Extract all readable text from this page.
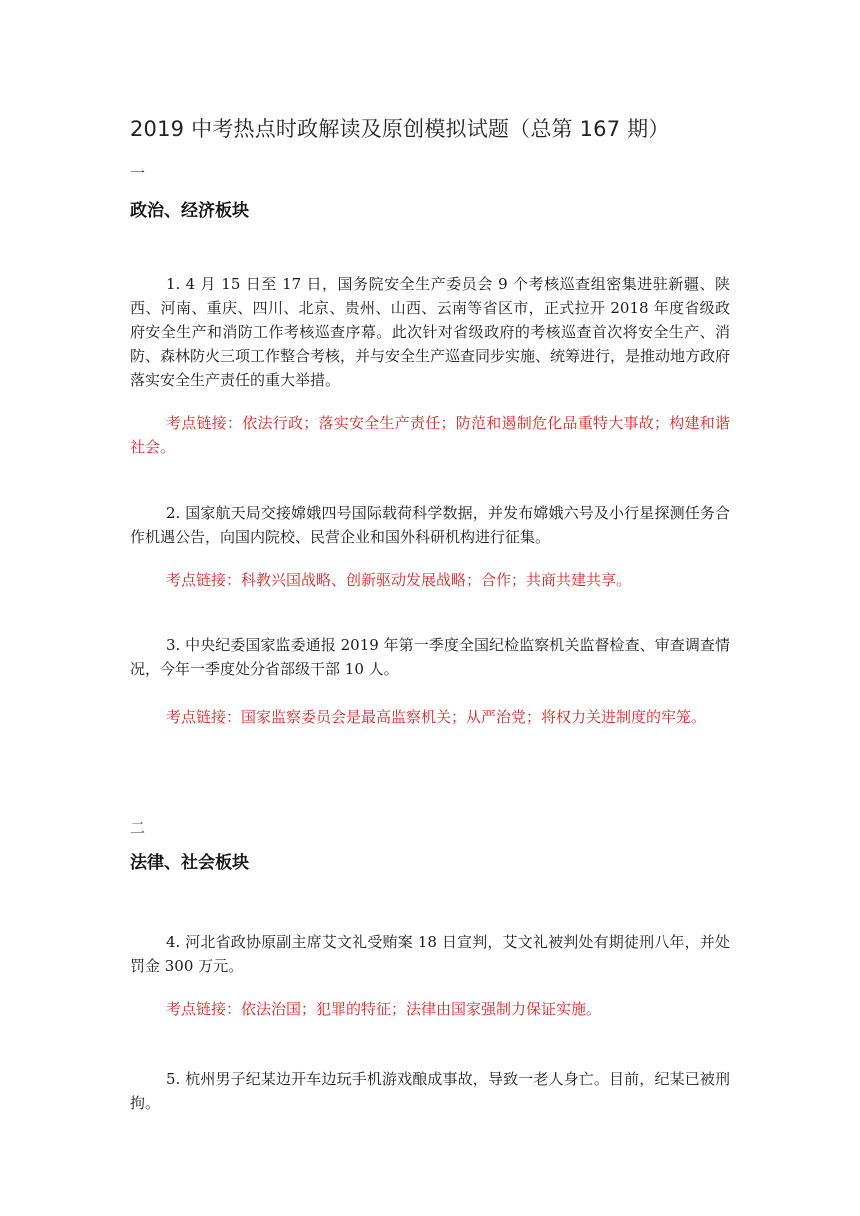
2019 中考热点时政解读及原创模拟试题（总第 167 期）
一
政治、经济板块

1. 4 月 15 日至 17 日，国务院安全生产委员会 9 个考核巡查组密集进驻新疆、陕西、河南、重庆、四川、北京、贵州、山西、云南等省区市，正式拉开 2018 年度省级政府安全生产和消防工作考核巡查序幕。此次针对省级政府的考核巡查首次将安全生产、消防、森林防火三项工作整合考核，并与安全生产巡查同步实施、统筹进行，是推动地方政府落实安全生产责任的重大举措。

考点链接：依法行政；落实安全生产责任；防范和遏制危化品重特大事故；构建和谐社会。

2. 国家航天局交接嫦娥四号国际载荷科学数据，并发布嫦娥六号及小行星探测任务合作机遇公告，向国内院校、民营企业和国外科研机构进行征集。

考点链接：科教兴国战略、创新驱动发展战略；合作；共商共建共享。

3. 中央纪委国家监委通报 2019 年第一季度全国纪检监察机关监督检查、审查调查情况，今年一季度处分省部级干部 10 人。

考点链接：国家监察委员会是最高监察机关；从严治党；将权力关进制度的牢笼。

二
法律、社会板块

4. 河北省政协原副主席艾文礼受贿案 18 日宣判，艾文礼被判处有期徒刑八年，并处罚金 300 万元。

考点链接：依法治国；犯罪的特征；法律由国家强制力保证实施。

5. 杭州男子纪某边开车边玩手机游戏酿成事故，导致一老人身亡。目前，纪某已被刑拘。
